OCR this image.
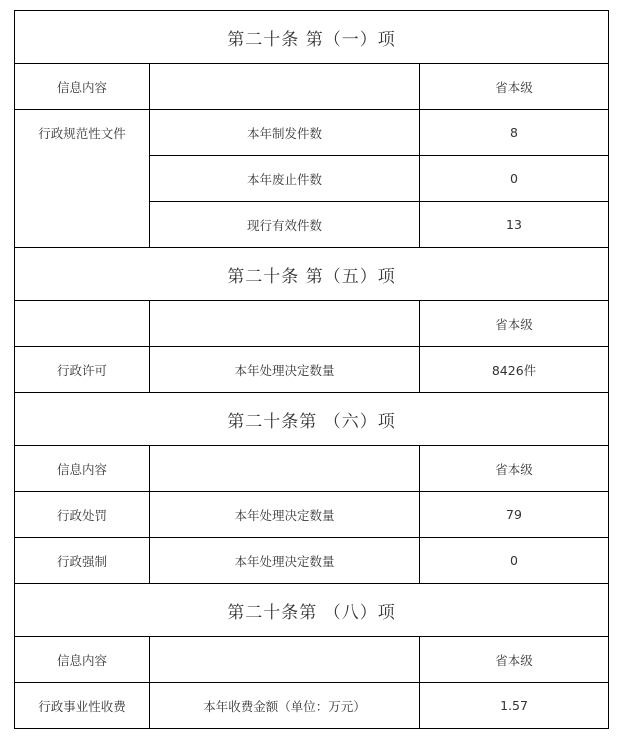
第二十条 第（一）项		
信息内容		省本级
行政规范性文件	本年制发件数	8
	本年废止件数	0
	现行有效件数	13
第二十条 第（五）项		
		省本级
行政许可	本年处理决定数量	8426件
第二十条第 （六）项		
信息内容		省本级
行政处罚	本年处理决定数量	79
行政强制	本年处理决定数量	0
第二十条第 （八）项		
信息内容		省本级
行政事业性收费	本年收费金额（单位：万元）	1.57
